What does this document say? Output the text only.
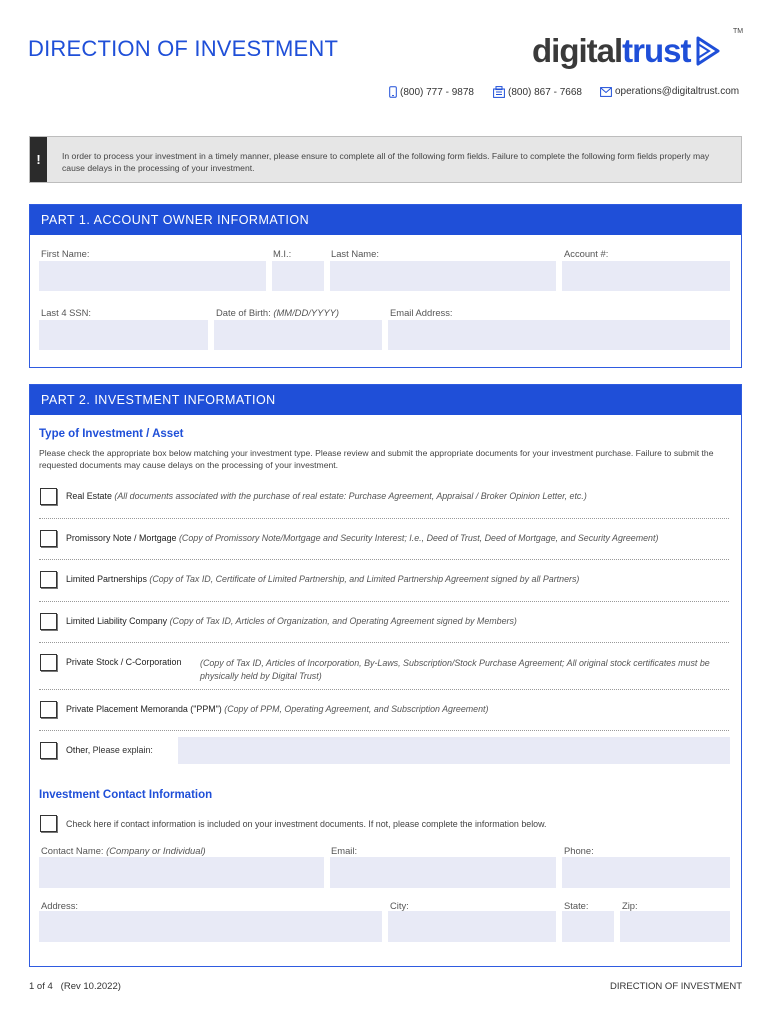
DIRECTION OF INVESTMENT	digital trust
TM
(800) 777 - 9878	(800) 867 - 7668	operations@digitaltrust.com
!	In order to process your investment in a timely manner, please ensure to complete all of the following form fields. Failure to complete the following form fields properly may cause delays in the processing of your investment.
PART 1. ACCOUNT OWNER INFORMATION
First Name:	M.I.:	Last Name:	Account #:
Last 4 SSN:	Date of Birth: (MM/DD/YYYY)	Email Address:
PART 2. INVESTMENT INFORMATION
Type of Investment / Asset
Please check the appropriate box below matching your investment type. Please review and submit the appropriate documents for your investment purchase. Failure to submit the requested documents may cause delays on the processing of your investment.
Real Estate (All documents associated with the purchase of real estate: Purchase Agreement, Appraisal / Broker Opinion Letter, etc.)
Promissory Note / Mortgage (Copy of Promissory Note/Mortgage and Security Interest; I.e., Deed of Trust, Deed of Mortgage, and Security Agreement)
Limited Partnerships (Copy of Tax ID, Certificate of Limited Partnership, and Limited Partnership Agreement signed by all Partners)
Limited Liability Company (Copy of Tax ID, Articles of Organization, and Operating Agreement signed by Members)
Private Stock / C-Corporation	(Copy of Tax ID, Articles of Incorporation, By-Laws, Subscription/Stock Purchase Agreement; All original stock certificates must be physically held by Digital Trust)
Private Placement Memoranda ("PPM") (Copy of PPM, Operating Agreement, and Subscription Agreement)
Other, Please explain:
Investment Contact Information
Check here if contact information is included on your investment documents. If not, please complete the information below.
Contact Name: (Company or Individual)	Email:	Phone:
Address:	City:	State:	Zip:
1 of 4   (Rev 10.2022)	DIRECTION OF INVESTMENT
